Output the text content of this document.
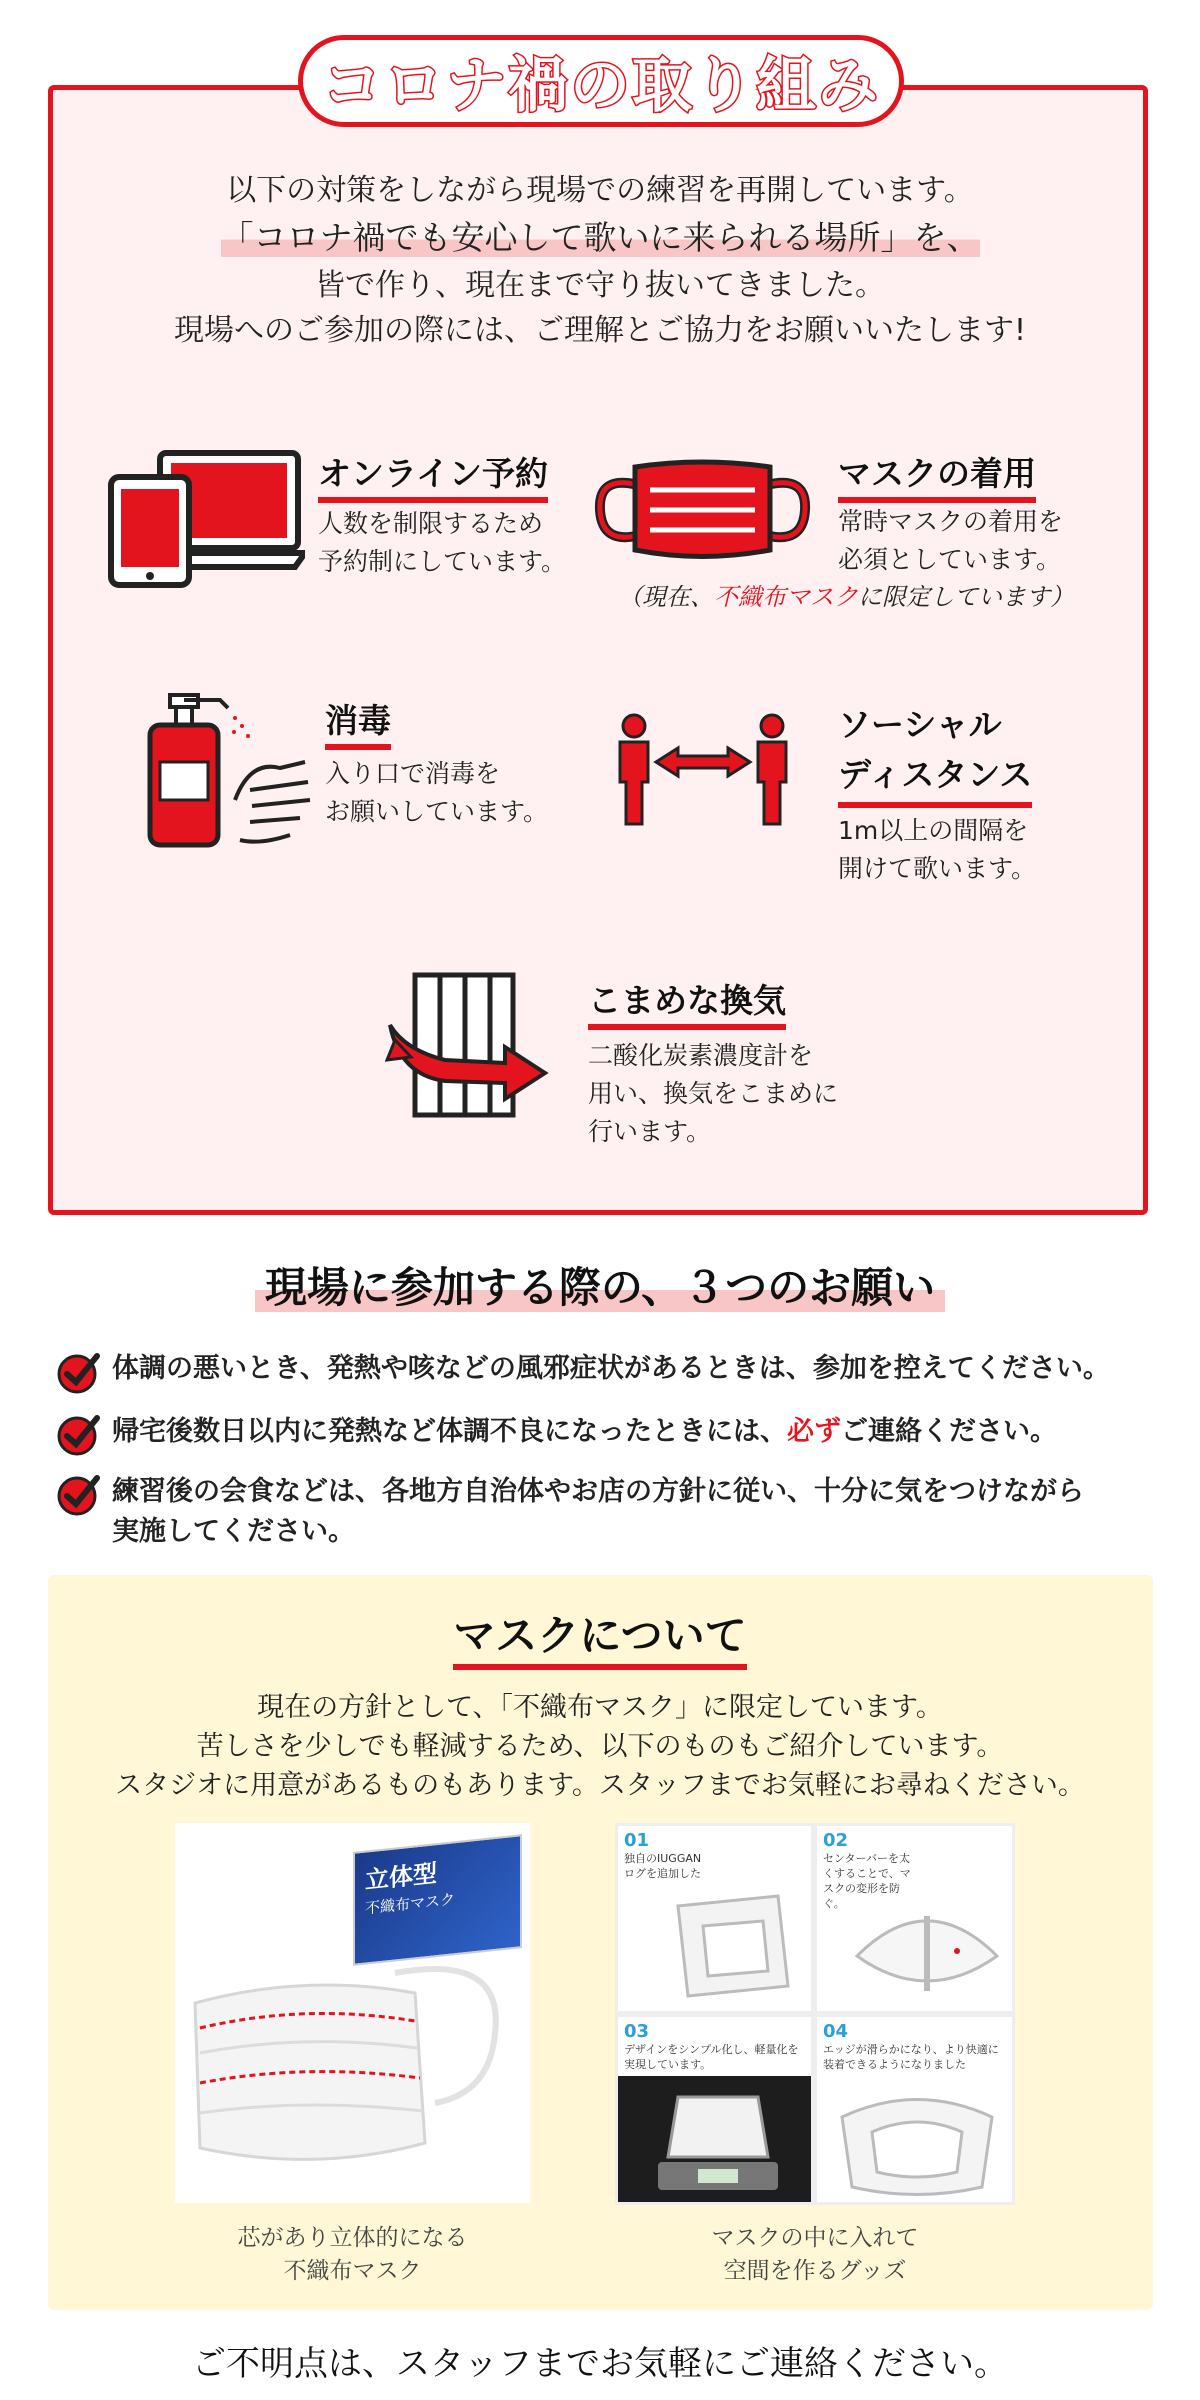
コロナ禍の取り組み
以下の対策をしながら現場での練習を再開しています。
「コロナ禍でも安心して歌いに来られる場所」を、
皆で作り、現在まで守り抜いてきました。
現場へのご参加の際には、ご理解とご協力をお願いいたします!
オンライン予約
人数を制限するため
予約制にしています。
マスクの着用
常時マスクの着用を
必須としています。
（現在、不織布マスクに限定しています）
消毒
入り口で消毒を
お願いしています。
ソーシャル
ディスタンス
1m以上の間隔を
開けて歌います。
こまめな換気
二酸化炭素濃度計を
用い、換気をこまめに
行います。
現場に参加する際の、３つのお願い
体調の悪いとき、発熱や咳などの風邪症状があるときは、参加を控えてください。
帰宅後数日以内に発熱など体調不良になったときには、必ずご連絡ください。
練習後の会食などは、各地方自治体やお店の方針に従い、十分に気をつけながら
実施してください。
マスクについて
現在の方針として、「不織布マスク」に限定しています。
苦しさを少しでも軽減するため、以下のものもご紹介しています。
スタジオに用意があるものもあります。スタッフまでお気軽にお尋ねください。
立体型
不織布マスク
芯があり立体的になる
不織布マスク
01
独自のIUGGANログを追加した
02
センターバーを太くすることで、マスクの変形を防ぐ。
03
デザインをシンプル化し、軽量化を実現しています。
04
エッジが滑らかになり、より快適に装着できるようになりました
マスクの中に入れて
空間を作るグッズ
ご不明点は、スタッフまでお気軽にご連絡ください。
